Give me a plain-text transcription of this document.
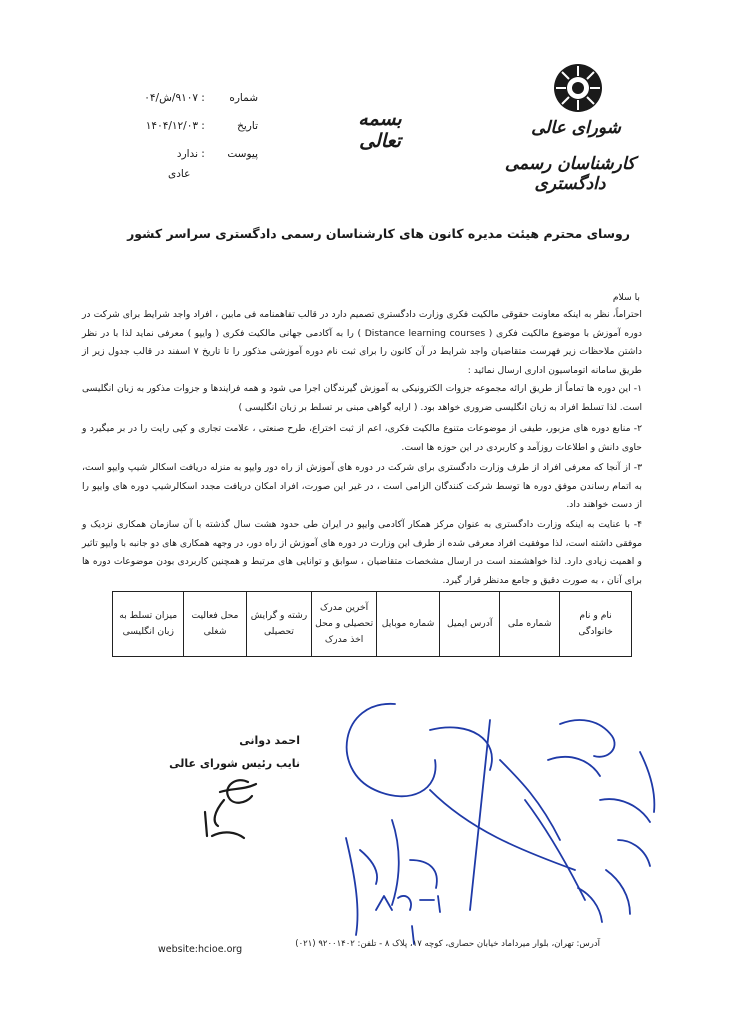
شماره
:
۹۱۰۷/ش/۰۴
تاریخ
:
۱۴۰۴/۱۲/۰۳
پیوست
:
ندارد
عادی
بسمه تعالی
شورای عالی
کارشناسان رسمی دادگستری
روسای محترم هیئت مدیره کانون های کارشناسان رسمی دادگستری سراسر کشور
با سلام
احتراماً، نظر به اینکه معاونت حقوقی مالکیت فکری وزارت دادگستری تصمیم دارد در قالب تفاهمنامه فی مابین ، افراد واجد شرایط برای شرکت در دوره آموزش با موضوع مالکیت فکری ( Distance learning courses ) را به آکادمی جهانی مالکیت فکری ( وایپو ) معرفی نماید لذا با در نظر داشتن ملاحظات زیر فهرست متقاضیان واجد شرایط در آن کانون را برای ثبت نام دوره آموزشی مذکور را تا تاریخ ۷ اسفند در قالب جدول زیر از طریق سامانه اتوماسیون اداری ارسال نمائید :
۱- این دوره ها تماماً از طریق ارائه مجموعه جزوات الکترونیکی به آموزش گیرندگان اجرا می شود و همه فرایندها و جزوات مذکور به زبان انگلیسی است. لذا تسلط افراد به زبان انگلیسی ضروری خواهد بود. ( ارایه گواهی مبنی بر تسلط بر زبان انگلیسی )
۲- منابع دوره های مزبور، طیفی از موضوعات متنوع مالکیت فکری، اعم از ثبت اختراع، طرح صنعتی ، علامت تجاری و کپی رایت را در بر میگیرد و حاوی دانش و اطلاعات روزآمد و کاربردی در این حوزه ها است.
۳- از آنجا که معرفی افراد از طرف وزارت دادگستری برای شرکت در دوره های آموزش از راه دور وایپو به منزله دریافت اسکالر شیپ وایپو است، به اتمام رساندن موفق دوره ها توسط شرکت کنندگان الزامی است ، در غیر این صورت، افراد امکان دریافت مجدد اسکالرشیپ دوره های وایپو را از دست خواهند داد.
۴- با عنایت به اینکه وزارت دادگستری به عنوان مرکز همکار آکادمی وایپو در ایران طی حدود هشت سال گذشته با آن سازمان همکاری نزدیک و موفقی داشته است، لذا موفقیت افراد معرفی شده از طرف این وزارت در دوره های آموزش از راه دور، در وجهه همکاری های دو جانبه با وایپو تاثیر و اهمیت زیادی دارد. لذا خواهشمند است در ارسال مشخصات متقاضیان ، سوابق و توانایی های مرتبط و همچنین کاربردی بودن موضوعات دوره ها برای آنان ، به صورت دقیق و جامع مدنظر قرار گیرد.
نام و نام خانوادگی	شماره ملی	آدرس ایمیل	شماره موبایل	آخرین مدرک تحصیلی و محل اخذ مدرک	رشته و گرایش تحصیلی	محل فعالیت شغلی	میزان تسلط به زبان انگلیسی
احمد دوانی
نایب رئیس شورای عالی
آدرس: تهران، بلوار میرداماد خیابان حصاری، کوچه ۱۷، پلاک ۸ - تلفن: ۹۲۰۰۱۴۰۲ (۰۲۱)
website:hcioe.org
